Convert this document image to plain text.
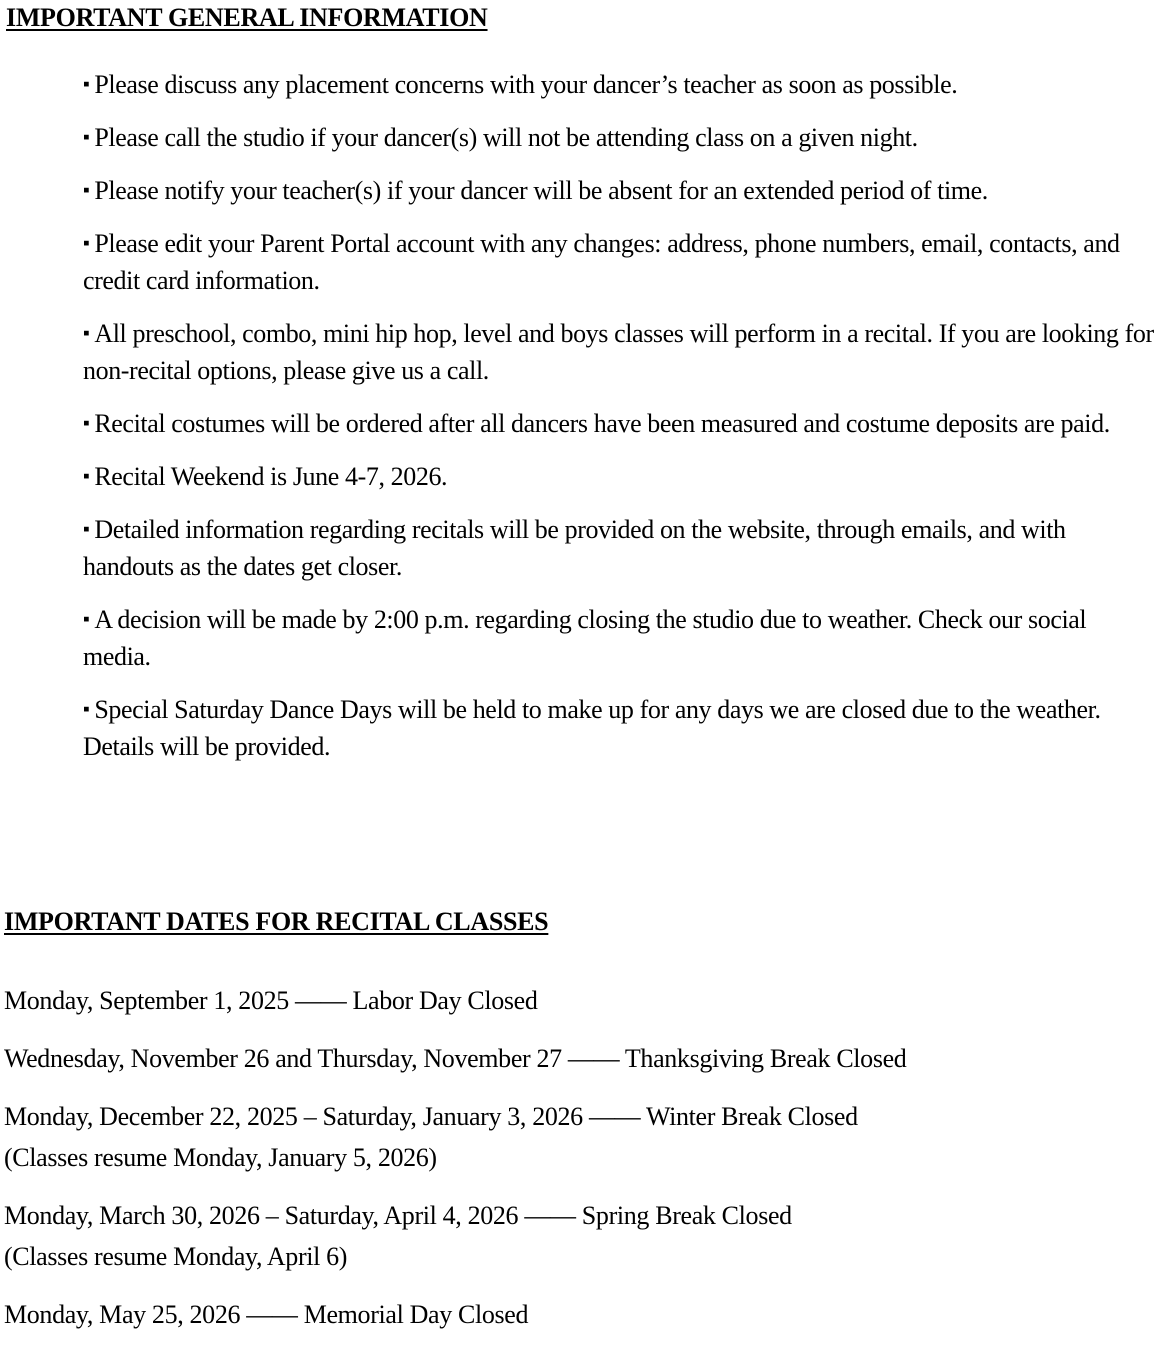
IMPORTANT GENERAL INFORMATION
▪ Please discuss any placement concerns with your dancer’s teacher as soon as possible.
▪ Please call the studio if your dancer(s) will not be attending class on a given night.
▪ Please notify your teacher(s) if your dancer will be absent for an extended period of time.
▪ Please edit your Parent Portal account with any changes: address, phone numbers, email, contacts, and credit card information.
▪ All preschool, combo, mini hip hop, level and boys classes will perform in a recital. If you are looking for non-recital options, please give us a call.
▪ Recital costumes will be ordered after all dancers have been measured and costume deposits are paid.
▪ Recital Weekend is June 4-7, 2026.
▪ Detailed information regarding recitals will be provided on the website, through emails, and with handouts as the dates get closer.
▪ A decision will be made by 2:00 p.m. regarding closing the studio due to weather. Check our social media.
▪ Special Saturday Dance Days will be held to make up for any days we are closed due to the weather. Details will be provided.
IMPORTANT DATES FOR RECITAL CLASSES
Monday, September 1, 2025 —— Labor Day Closed
Wednesday, November 26 and Thursday, November 27 —— Thanksgiving Break Closed
Monday, December 22, 2025 – Saturday, January 3, 2026 —— Winter Break Closed
(Classes resume Monday, January 5, 2026)
Monday, March 30, 2026 – Saturday, April 4, 2026 —— Spring Break Closed
(Classes resume Monday, April 6)
Monday, May 25, 2026 —— Memorial Day Closed
